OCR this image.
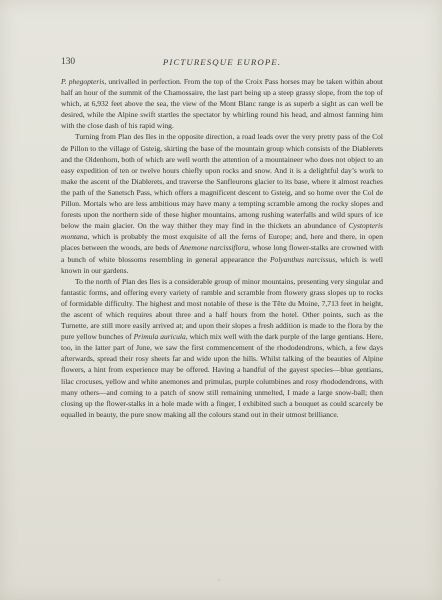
130	PICTURESQUE EUROPE.

P. phegopteris, unrivalled in perfection. From the top of the Croix Pass horses may be taken within about half an hour of the summit of the Chamossaire, the last part being up a steep grassy slope, from the top of which, at 6,932 feet above the sea, the view of the Mont Blanc range is as superb a sight as can well be desired, while the Alpine swift startles the spectator by whirling round his head, and almost fanning him with the close dash of his rapid wing.

Turning from Plan des Iles in the opposite direction, a road leads over the very pretty pass of the Col de Pillon to the village of Gsteig, skirting the base of the mountain group which consists of the Diablerets and the Oldenhorn, both of which are well worth the attention of a mountaineer who does not object to an easy expedition of ten or twelve hours chiefly upon rocks and snow. And it is a delightful day’s work to make the ascent of the Diablerets, and traverse the Sanfleurons glacier to its base, where it almost reaches the path of the Sanetsch Pass, which offers a magnificent descent to Gsteig, and so home over the Col de Pillon. Mortals who are less ambitious may have many a tempting scramble among the rocky slopes and forests upon the northern side of these higher mountains, among rushing waterfalls and wild spurs of ice below the main glacier. On the way thither they may find in the thickets an abundance of Cystopteris montana, which is probably the most exquisite of all the ferns of Europe; and, here and there, in open places between the woods, are beds of Anemone narcissiflora, whose long flower-stalks are crowned with a bunch of white blossoms resembling in general appearance the Polyanthus narcissus, which is well known in our gardens.

To the north of Plan des Iles is a considerable group of minor mountains, presenting very singular and fantastic forms, and offering every variety of ramble and scramble from flowery grass slopes up to rocks of formidable difficulty. The highest and most notable of these is the Tête du Moine, 7,713 feet in height, the ascent of which requires about three and a half hours from the hotel. Other points, such as the Turnette, are still more easily arrived at; and upon their slopes a fresh addition is made to the flora by the pure yellow bunches of Primula auricula, which mix well with the dark purple of the large gentians. Here, too, in the latter part of June, we saw the first commencement of the rhododendrons, which, a few days afterwards, spread their rosy sheets far and wide upon the hills. Whilst talking of the beauties of Alpine flowers, a hint from experience may be offered. Having a handful of the gayest species—blue gentians, lilac crocuses, yellow and white anemones and primulas, purple columbines and rosy rhododendrons, with many others—and coming to a patch of snow still remaining unmelted, I made a large snow-ball; then closing up the flower-stalks in a hole made with a finger, I exhibited such a bouquet as could scarcely be equalled in beauty, the pure snow making all the colours stand out in their utmost brilliance.

·
